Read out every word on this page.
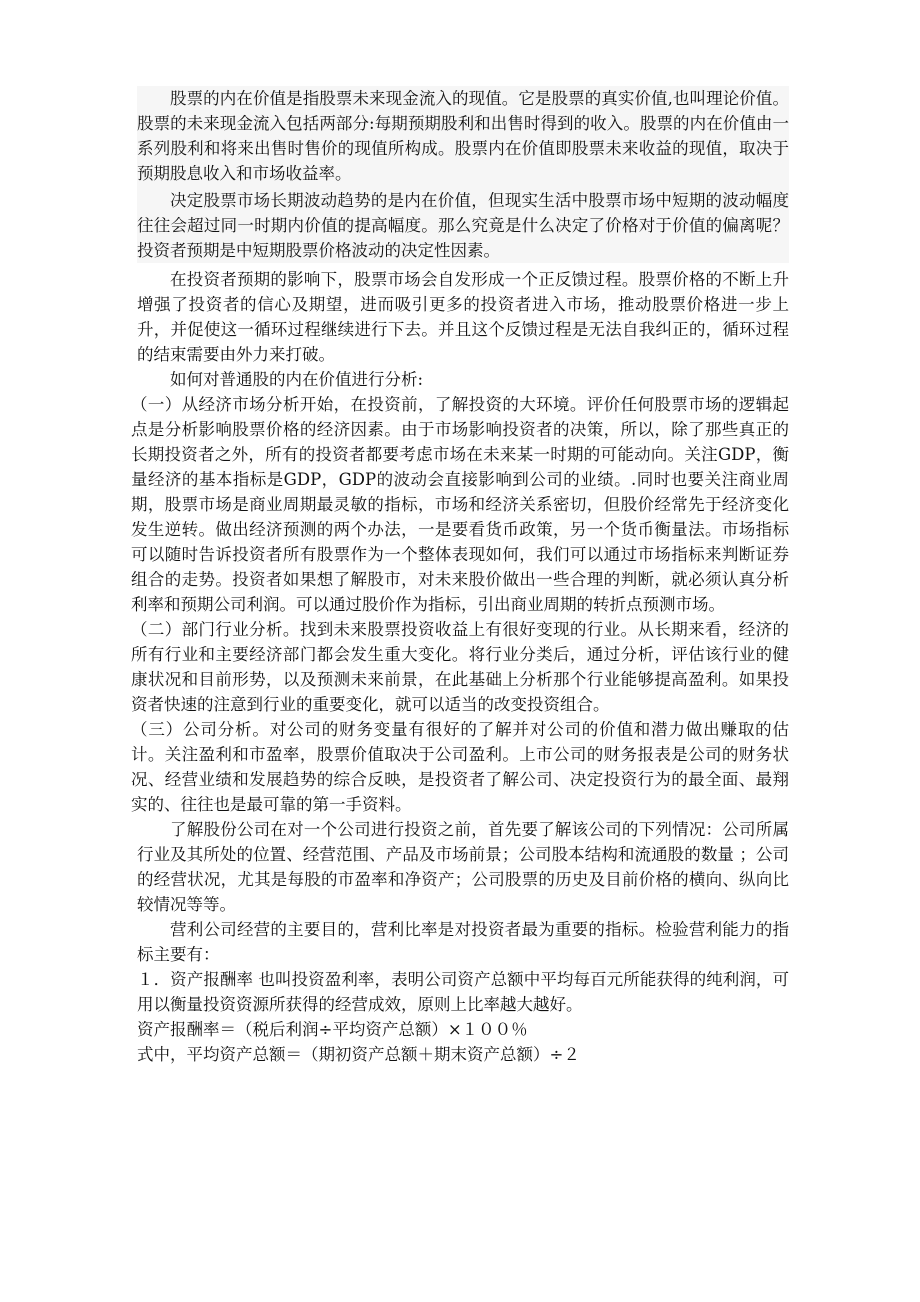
股票的内在价值是指股票未来现金流入的现值。它是股票的真实价值,也叫理论价值。股票的未来现金流入包括两部分:每期预期股利和出售时得到的收入。股票的内在价值由一系列股利和将来出售时售价的现值所构成。股票内在价值即股票未来收益的现值，取决于预期股息收入和市场收益率。

决定股票市场长期波动趋势的是内在价值，但现实生活中股票市场中短期的波动幅度往往会超过同一时期内价值的提高幅度。那么究竟是什么决定了价格对于价值的偏离呢？投资者预期是中短期股票价格波动的决定性因素。

在投资者预期的影响下，股票市场会自发形成一个正反馈过程。股票价格的不断上升增强了投资者的信心及期望，进而吸引更多的投资者进入市场，推动股票价格进一步上升，并促使这一循环过程继续进行下去。并且这个反馈过程是无法自我纠正的，循环过程的结束需要由外力来打破。

如何对普通股的内在价值进行分析:

（一）从经济市场分析开始，在投资前，了解投资的大环境。评价任何股票市场的逻辑起点是分析影响股票价格的经济因素。由于市场影响投资者的决策，所以，除了那些真正的长期投资者之外，所有的投资者都要考虑市场在未来某一时期的可能动向。关注GDP，衡量经济的基本指标是GDP，GDP的波动会直接影响到公司的业绩。.同时也要关注商业周期，股票市场是商业周期最灵敏的指标，市场和经济关系密切，但股价经常先于经济变化发生逆转。做出经济预测的两个办法，一是要看货币政策，另一个货币衡量法。市场指标可以随时告诉投资者所有股票作为一个整体表现如何，我们可以通过市场指标来判断证券组合的走势。投资者如果想了解股市，对未来股价做出一些合理的判断，就必须认真分析利率和预期公司利润。可以通过股价作为指标，引出商业周期的转折点预测市场。

（二）部门行业分析。找到未来股票投资收益上有很好变现的行业。从长期来看，经济的所有行业和主要经济部门都会发生重大变化。将行业分类后，通过分析，评估该行业的健康状况和目前形势，以及预测未来前景，在此基础上分析那个行业能够提高盈利。如果投资者快速的注意到行业的重要变化，就可以适当的改变投资组合。

（三）公司分析。对公司的财务变量有很好的了解并对公司的价值和潜力做出赚取的估计。关注盈利和市盈率，股票价值取决于公司盈利。上市公司的财务报表是公司的财务状况、经营业绩和发展趋势的综合反映，是投资者了解公司、决定投资行为的最全面、最翔实的、往往也是最可靠的第一手资料。

了解股份公司在对一个公司进行投资之前，首先要了解该公司的下列情况：公司所属行业及其所处的位置、经营范围、产品及市场前景；公司股本结构和流通股的数量 ；公司的经营状况，尤其是每股的市盈率和净资产；公司股票的历史及目前价格的横向、纵向比较情况等等。

营利公司经营的主要目的，营利比率是对投资者最为重要的指标。检验营利能力的指标主要有：

１．资产报酬率 也叫投资盈利率，表明公司资产总额中平均每百元所能获得的纯利润，可用以衡量投资资源所获得的经营成效，原则上比率越大越好。

资产报酬率＝（税后利润÷平均资产总额）×１００％

式中，平均资产总额＝（期初资产总额＋期末资产总额）÷２
